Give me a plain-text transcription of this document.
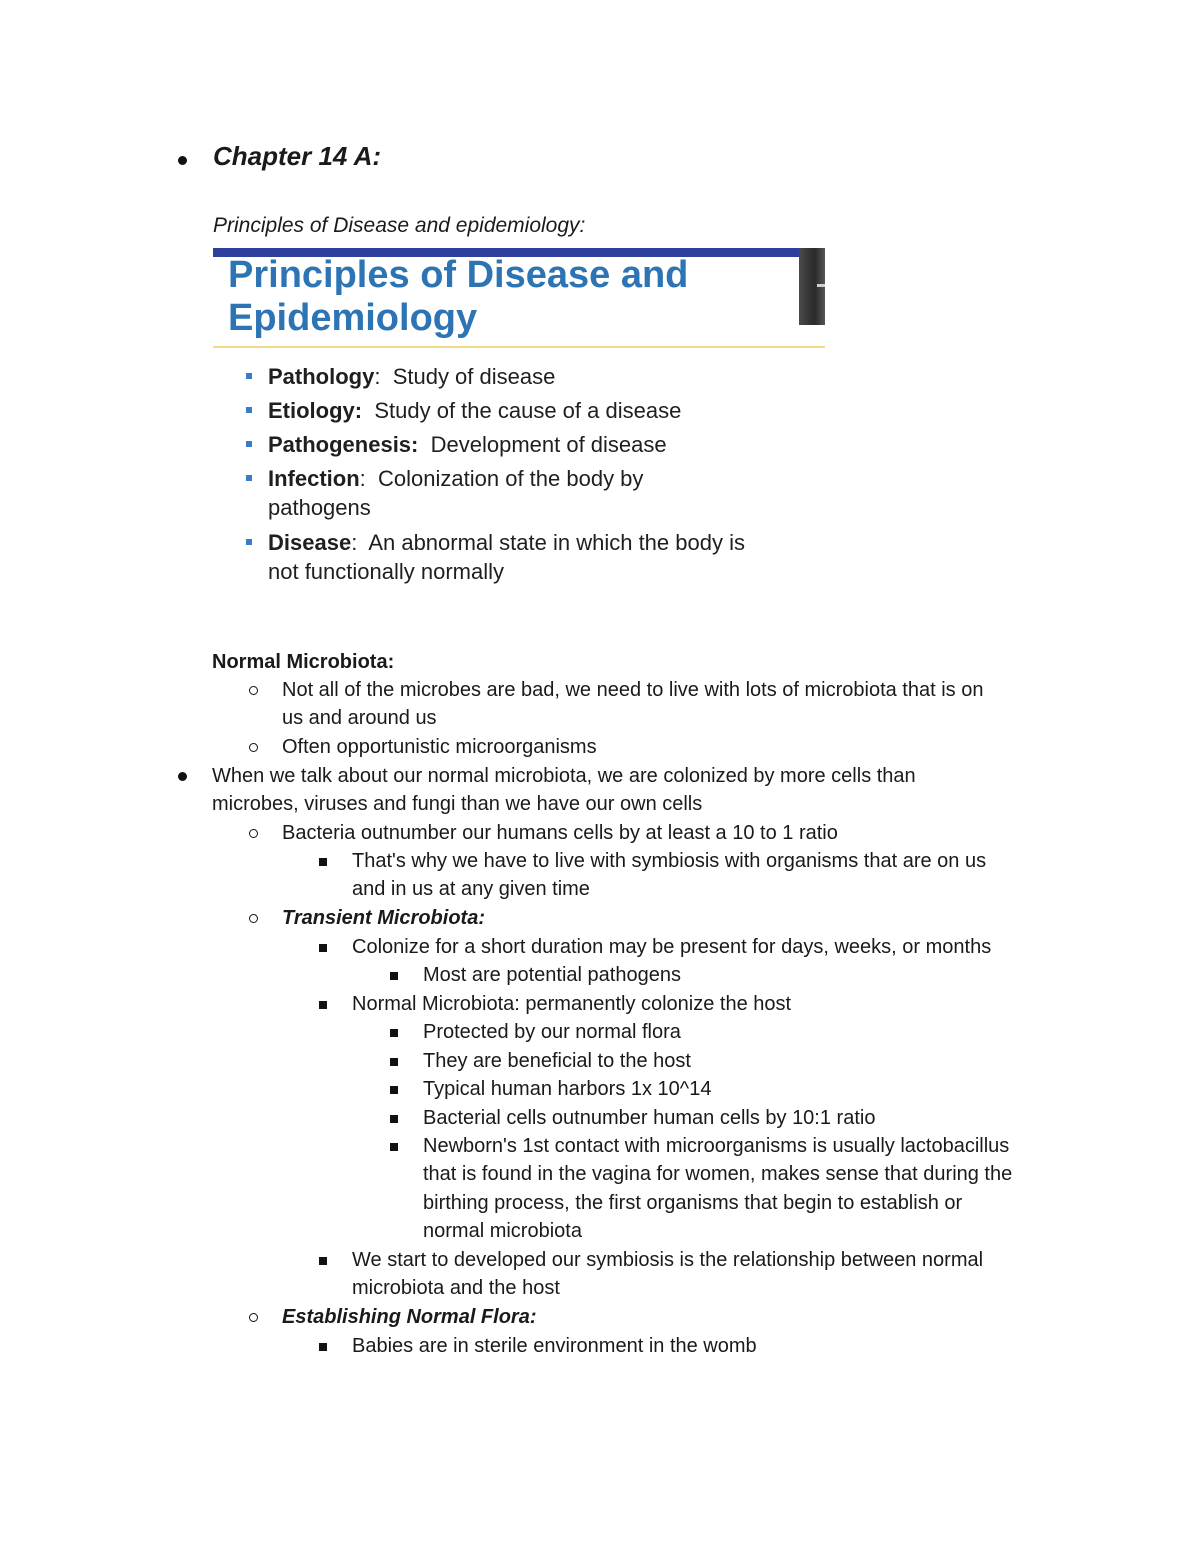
Chapter 14 A:
Principles of Disease and epidemiology:
Principles of Disease and
Epidemiology
Pathology:  Study of disease
Etiology: Study of the cause of a disease
Pathogenesis: Development of disease
Infection:  Colonization of the body by
pathogens
Disease:  An abnormal state in which the body is
not functionally normally
Normal Microbiota:
Not all of the microbes are bad, we need to live with lots of microbiota that is on
us and around us
Often opportunistic microorganisms
When we talk about our normal microbiota, we are colonized by more cells than
microbes, viruses and fungi than we have our own cells
Bacteria outnumber our humans cells by at least a 10 to 1 ratio
That's why we have to live with symbiosis with organisms that are on us
and in us at any given time
Transient Microbiota:
Colonize for a short duration may be present for days, weeks, or months
Most are potential pathogens
Normal Microbiota: permanently colonize the host
Protected by our normal flora
They are beneficial to the host
Typical human harbors 1x 10^14
Bacterial cells outnumber human cells by 10:1 ratio
Newborn's 1st contact with microorganisms is usually lactobacillus
that is found in the vagina for women, makes sense that during the
birthing process, the first organisms that begin to establish or
normal microbiota
We start to developed our symbiosis is the relationship between normal
microbiota and the host
Establishing Normal Flora:
Babies are in sterile environment in the womb
